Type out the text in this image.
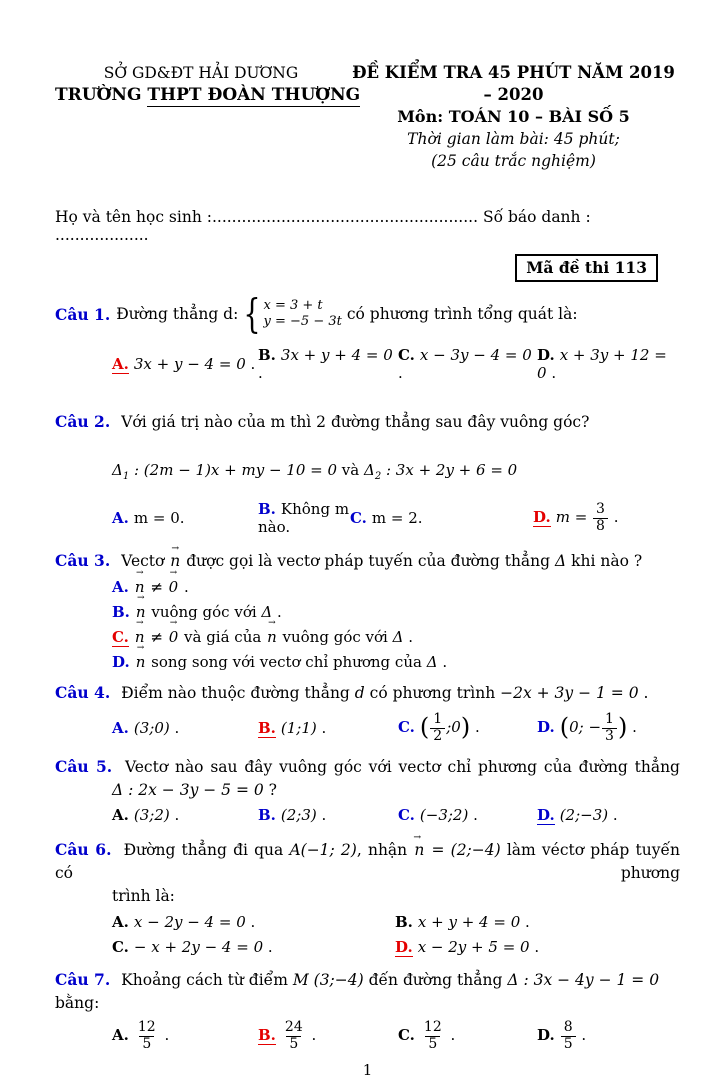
SỞ GD&ĐT HẢI DƯƠNG
TRƯỜNG THPT ĐOÀN THƯỢNG
ĐỀ KIỂM TRA 45 PHÚT NĂM 2019 – 2020
Môn: TOÁN 10 – BÀI SỐ 5
Thời gian làm bài: 45 phút;
(25 câu trắc nghiệm)
Họ và tên học sinh :...................................................... Số báo danh : ...................
Mã đề thi 113
Câu 1. Đường thẳng d: { x = 3 + t
y = −5 − 3t có phương trình tổng quát là:
A. 3x + y − 4 = 0 . B. 3x + y + 4 = 0 .
C. x − 3y − 4 = 0 .
D. x + 3y + 12 = 0 .
Câu 2. Với giá trị nào của m thì 2 đường thẳng sau đây vuông góc?
$\Delta_1$ : (2m − 1)x + my − 10 = 0 và $\Delta_2$ : 3x + 2y + 6 = 0
A. m = 0.	B. Không m nào.	C. m = 2.	D. $m = \frac{3}{8}$ .
Câu 3. Vectơ n → được gọi là vectơ pháp tuyến của đường thẳng Δ khi nào ?
A. n → ≠ 0 → .
B. n → vuông góc với Δ .
C. n → ≠ 0 → và giá của n → vuông góc với Δ .
D. n → song song với vectơ chỉ phương của Δ .
Câu 4. Điểm nào thuộc đường thẳng d có phương trình −2x + 3y − 1 = 0 .
A. (3;0) .	B. (1;1) .	C. ( $\frac{1}{2}$ ;0) .	D. (0; − $\frac{1}{3}$ ) .
Câu 5. Vectơ nào sau đây vuông góc với vectơ chỉ phương của đường thẳng
Δ : 2x − 3y − 5 = 0 ?
A. (3;2) .	B. (2;3) .	C. (−3;2) .	D. (2;−3) .
Câu 6. Đường thẳng đi qua A(−1; 2), nhận n → = (2;−4) làm véctơ pháp tuyến có phương
trình là:
A. x − 2y − 4 = 0 .	B. x + y + 4 = 0 .
C. − x + 2y − 4 = 0 .	D. x − 2y + 5 = 0 .
Câu 7. Khoảng cách từ điểm M (3;−4) đến đường thẳng Δ : 3x − 4y − 1 = 0 bằng:
A. $\frac{12}{5}$ .	B. $\frac{24}{5}$ .	C. $\frac{12}{5}$ .	D. $\frac{8}{5}$ .
1
